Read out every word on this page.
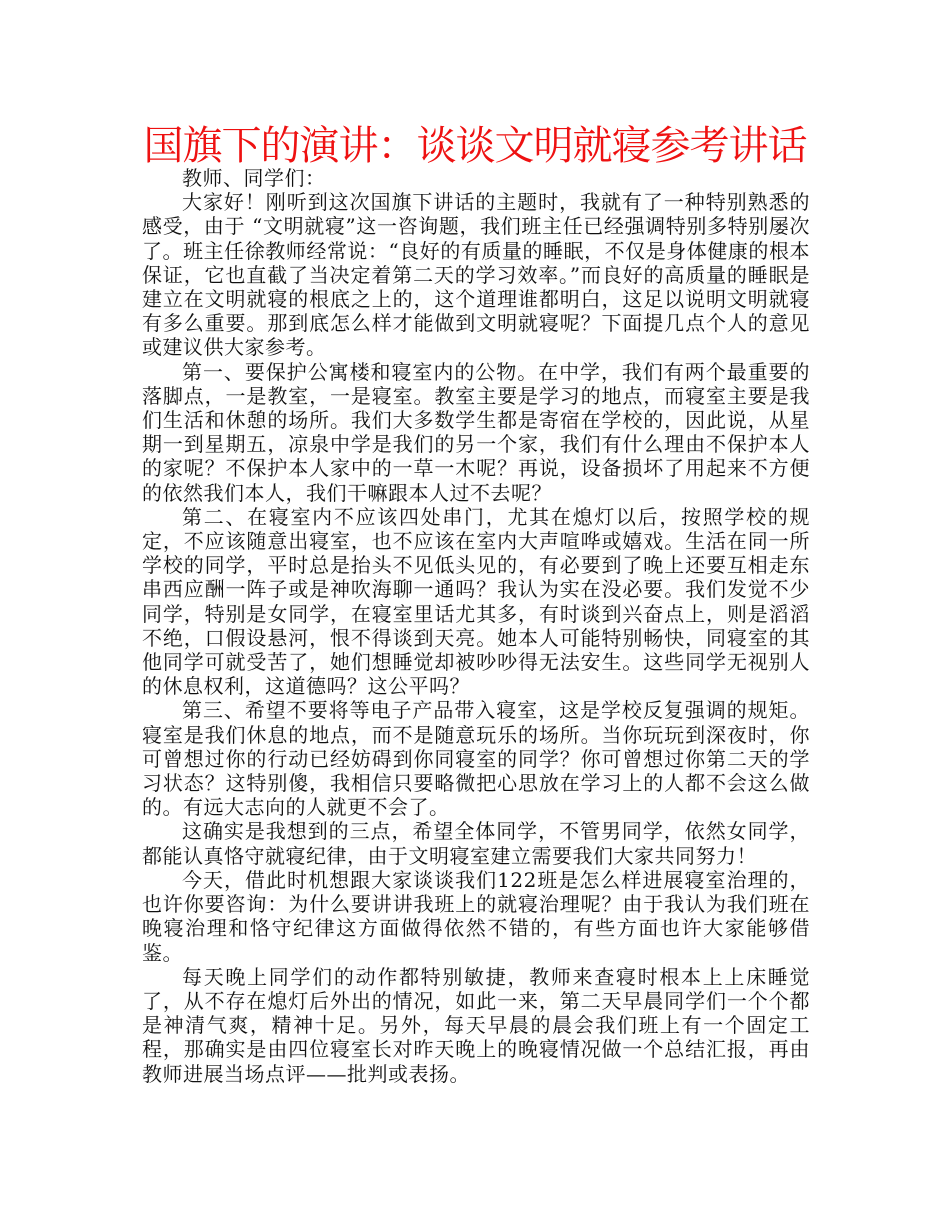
国旗下的演讲：谈谈文明就寝参考讲话

教师、同学们：

大家好！刚听到这次国旗下讲话的主题时，我就有了一种特别熟悉的感受，由于 “文明就寝”这一咨询题，我们班主任已经强调特别多特别屡次了。班主任徐教师经常说：“良好的有质量的睡眠，不仅是身体健康的根本保证，它也直截了当决定着第二天的学习效率。”而良好的高质量的睡眠是建立在文明就寝的根底之上的，这个道理谁都明白，这足以说明文明就寝有多么重要。那到底怎么样才能做到文明就寝呢？下面提几点个人的意见或建议供大家参考。

第一、要保护公寓楼和寝室内的公物。在中学，我们有两个最重要的落脚点，一是教室，一是寝室。教室主要是学习的地点，而寝室主要是我们生活和休憩的场所。我们大多数学生都是寄宿在学校的，因此说，从星期一到星期五，凉泉中学是我们的另一个家，我们有什么理由不保护本人的家呢？不保护本人家中的一草一木呢？再说，设备损坏了用起来不方便的依然我们本人，我们干嘛跟本人过不去呢？

第二、在寝室内不应该四处串门，尤其在熄灯以后，按照学校的规定，不应该随意出寝室，也不应该在室内大声喧哗或嬉戏。生活在同一所学校的同学，平时总是抬头不见低头见的，有必要到了晚上还要互相走东串西应酬一阵子或是神吹海聊一通吗？我认为实在没必要。我们发觉不少同学，特别是女同学，在寝室里话尤其多，有时谈到兴奋点上，则是滔滔不绝，口假设悬河，恨不得谈到天亮。她本人可能特别畅快，同寝室的其他同学可就受苦了，她们想睡觉却被吵吵得无法安生。这些同学无视别人的休息权利，这道德吗？这公平吗？

第三、希望不要将等电子产品带入寝室，这是学校反复强调的规矩。寝室是我们休息的地点，而不是随意玩乐的场所。当你玩玩到深夜时，你可曾想过你的行动已经妨碍到你同寝室的同学？你可曾想过你第二天的学习状态？这特别傻，我相信只要略微把心思放在学习上的人都不会这么做的。有远大志向的人就更不会了。

这确实是我想到的三点，希望全体同学，不管男同学，依然女同学，都能认真恪守就寝纪律，由于文明寝室建立需要我们大家共同努力！

今天，借此时机想跟大家谈谈我们122班是怎么样进展寝室治理的，也许你要咨询：为什么要讲讲我班上的就寝治理呢？由于我认为我们班在晚寝治理和恪守纪律这方面做得依然不错的，有些方面也许大家能够借鉴。

每天晚上同学们的动作都特别敏捷，教师来查寝时根本上上床睡觉了，从不存在熄灯后外出的情况，如此一来，第二天早晨同学们一个个都是神清气爽，精神十足。另外，每天早晨的晨会我们班上有一个固定工程，那确实是由四位寝室长对昨天晚上的晚寝情况做一个总结汇报，再由教师进展当场点评——批判或表扬。
